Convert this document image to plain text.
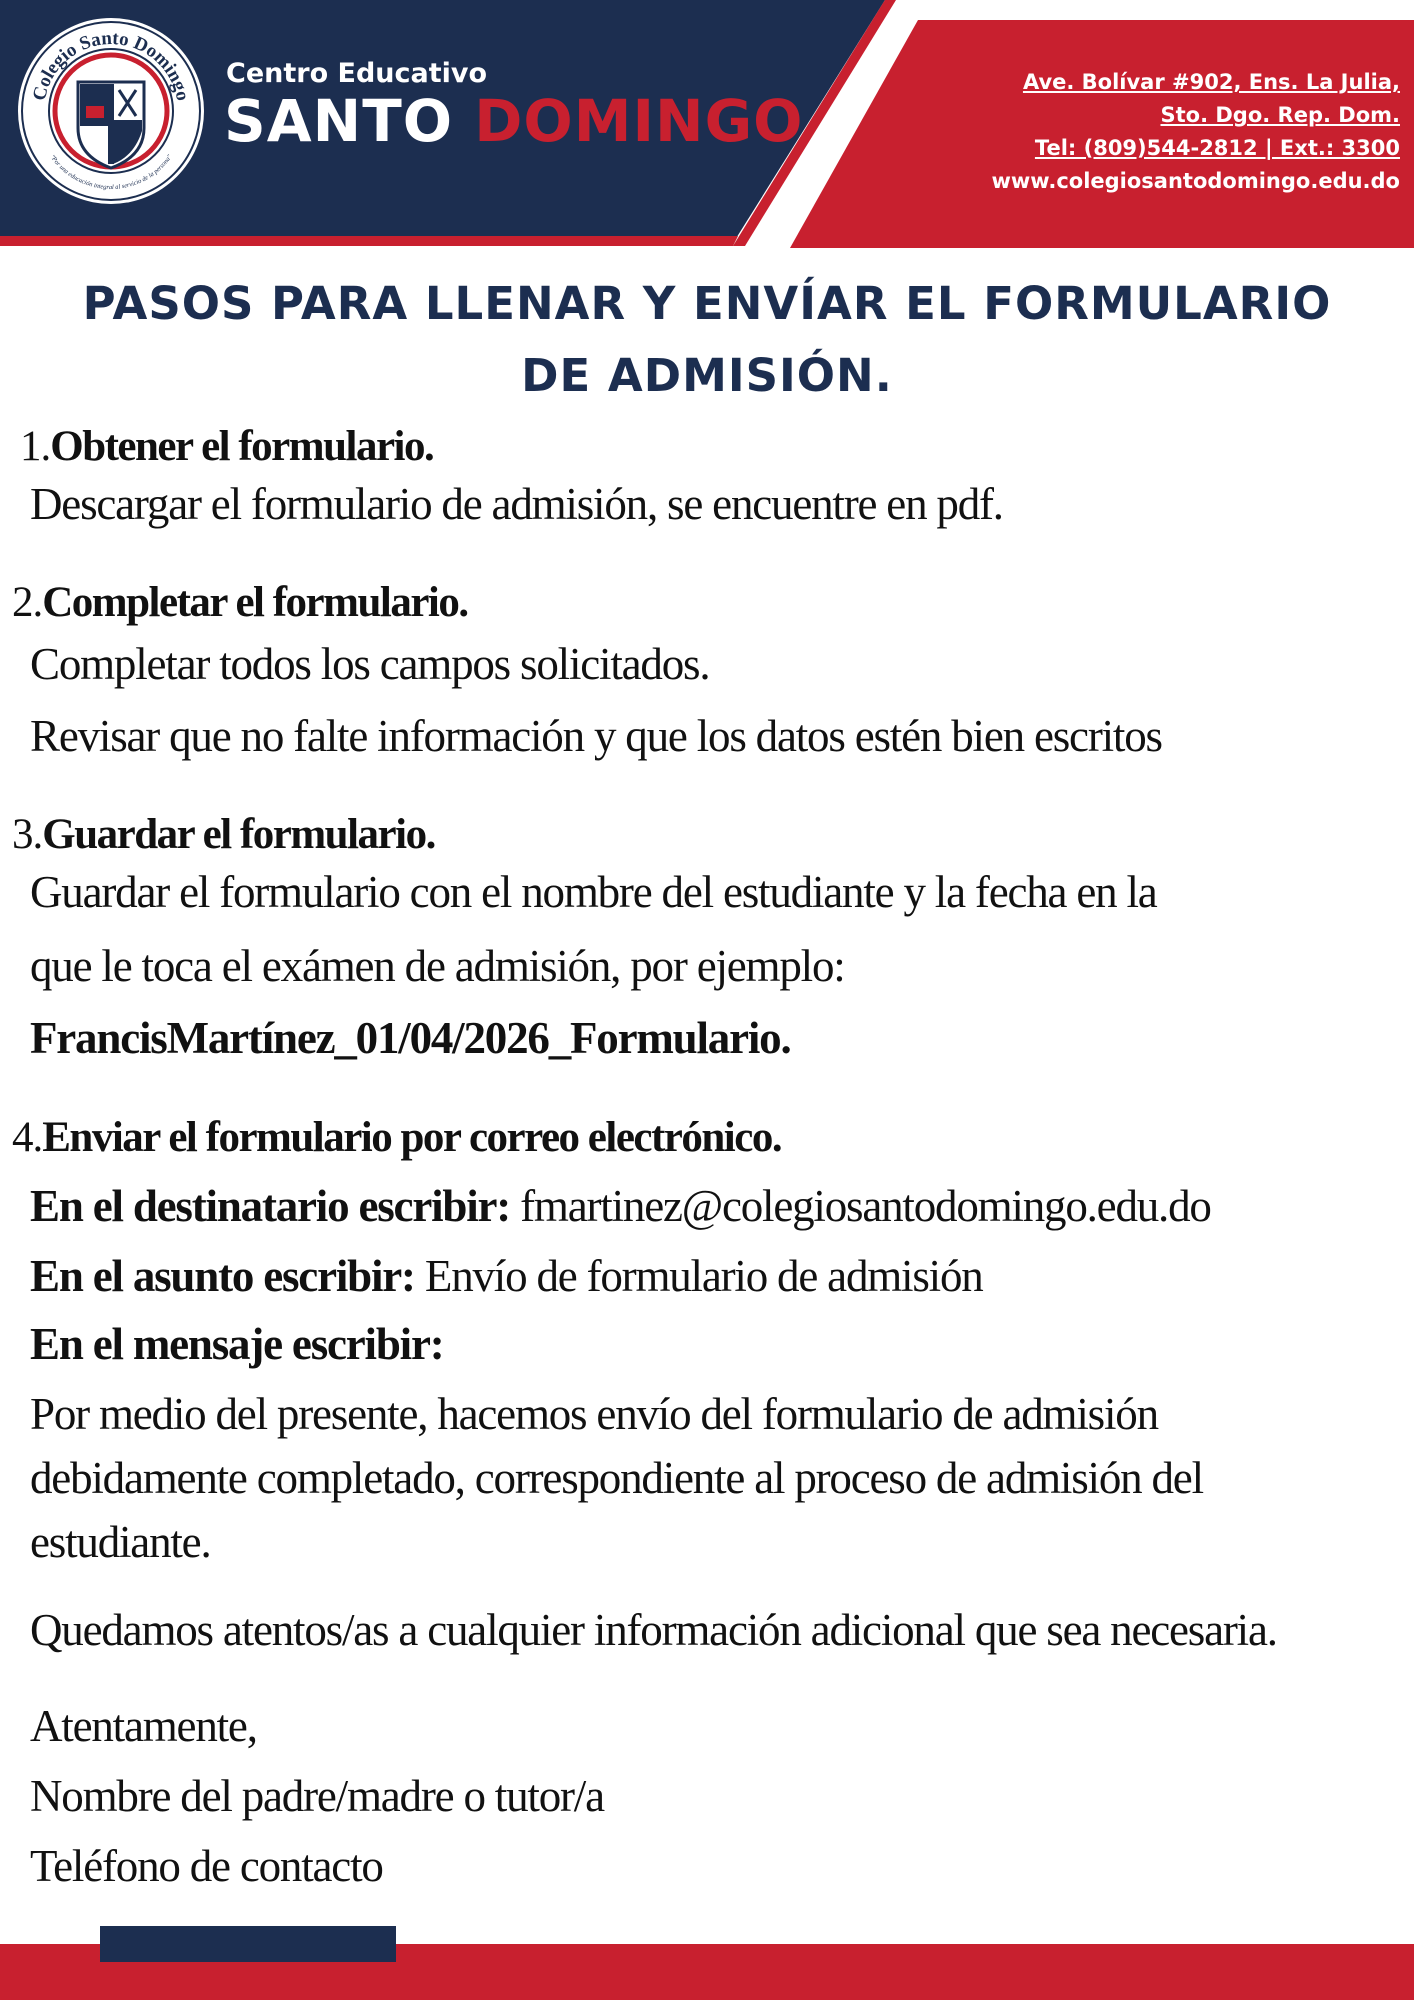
Colegio Santo Domingo
"Por una educación integral al servicio de la persona"
Centro Educativo
SANTO DOMINGO
Ave. Bolívar #902, Ens. La Julia,
Sto. Dgo. Rep. Dom.
Tel: (809)544-2812 | Ext.: 3300
www.colegiosantodomingo.edu.do
PASOS PARA LLENAR Y ENVÍAR EL FORMULARIO
DE ADMISIÓN.
1.Obtener el formulario.
Descargar el formulario de admisión, se encuentre en pdf.
2.Completar el formulario.
Completar todos los campos solicitados.
Revisar que no falte información y que los datos estén bien escritos
3.Guardar el formulario.
Guardar el formulario con el nombre del estudiante y la fecha en la
que le toca el exámen de admisión, por ejemplo:
FrancisMartínez_01/04/2026_Formulario.
4.Enviar el formulario por correo electrónico.
En el destinatario escribir: fmartinez@colegiosantodomingo.edu.do
En el asunto escribir: Envío de formulario de admisión
En el mensaje escribir:
Por medio del presente, hacemos envío del formulario de admisión
debidamente completado, correspondiente al proceso de admisión del
estudiante.
Quedamos atentos/as a cualquier información adicional que sea necesaria.
Atentamente,
Nombre del padre/madre o tutor/a
Teléfono de contacto
